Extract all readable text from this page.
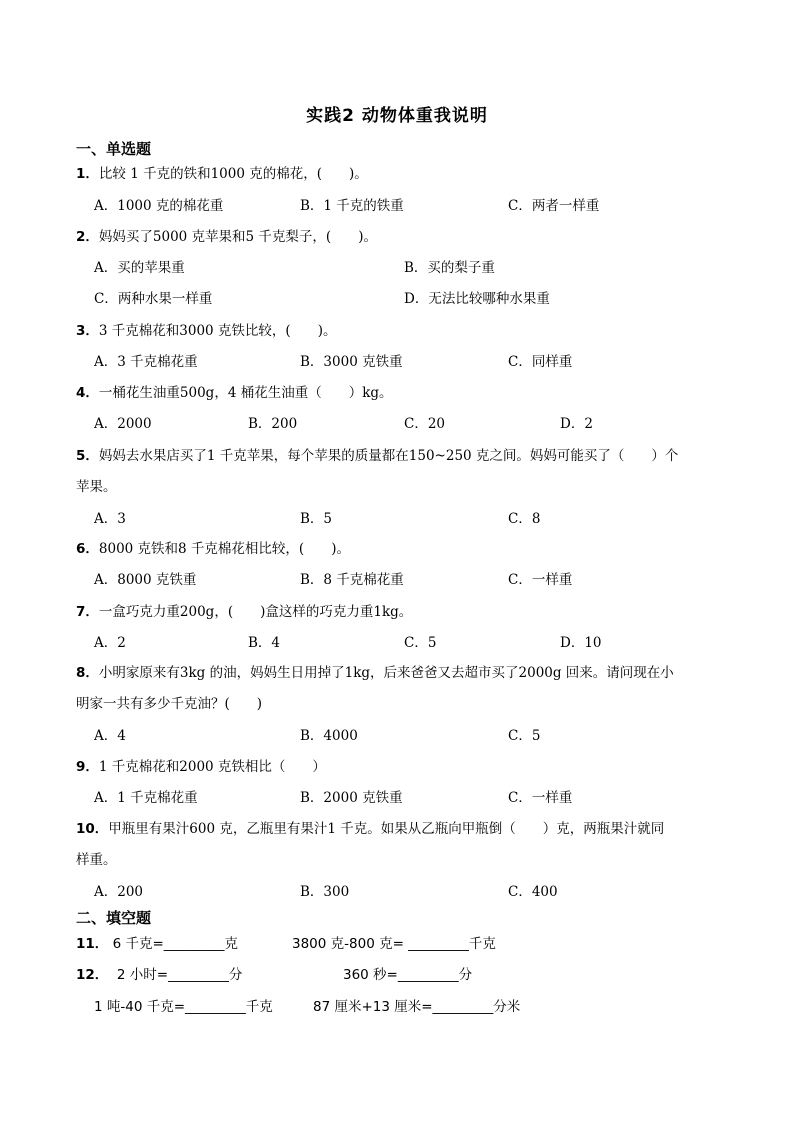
实践2 动物体重我说明
一、单选题
1．比较 1 千克的铁和1000 克的棉花，(　　)。
A．1000 克的棉花重	B．1 千克的铁重	C．两者一样重
2．妈妈买了5000 克苹果和5 千克梨子，(　　)。
A．买的苹果重	B．买的梨子重
C．两种水果一样重	D．无法比较哪种水果重
3．3 千克棉花和3000 克铁比较，(　　)。
A．3 千克棉花重	B．3000 克铁重	C．同样重
4．一桶花生油重500g，4 桶花生油重（　　）kg。
A．2000	B．200	C．20	D．2
5．妈妈去水果店买了1 千克苹果，每个苹果的质量都在150~250 克之间。妈妈可能买了（　　）个
苹果。
A．3	B．5	C．8
6．8000 克铁和8 千克棉花相比较，(　　)。
A．8000 克铁重	B．8 千克棉花重	C．一样重
7．一盒巧克力重200g，(　　)盒这样的巧克力重1kg。
A．2	B．4	C．5	D．10
8．小明家原来有3kg 的油，妈妈生日用掉了1kg，后来爸爸又去超市买了2000g 回来。请问现在小
明家一共有多少千克油？(　　)
A．4	B．4000	C．5
9．1 千克棉花和2000 克铁相比（　　）
A．1 千克棉花重	B．2000 克铁重	C．一样重
10．甲瓶里有果汁600 克，乙瓶里有果汁1 千克。如果从乙瓶向甲瓶倒（　　）克，两瓶果汁就同
样重。
A．200	B．300	C．400
二、填空题
11． 6 千克=_________克	3800 克-800 克= _________千克
12． 2 小时=_________分	360 秒=_________分
1 吨-40 千克=_________千克	87 厘米+13 厘米=_________分米
